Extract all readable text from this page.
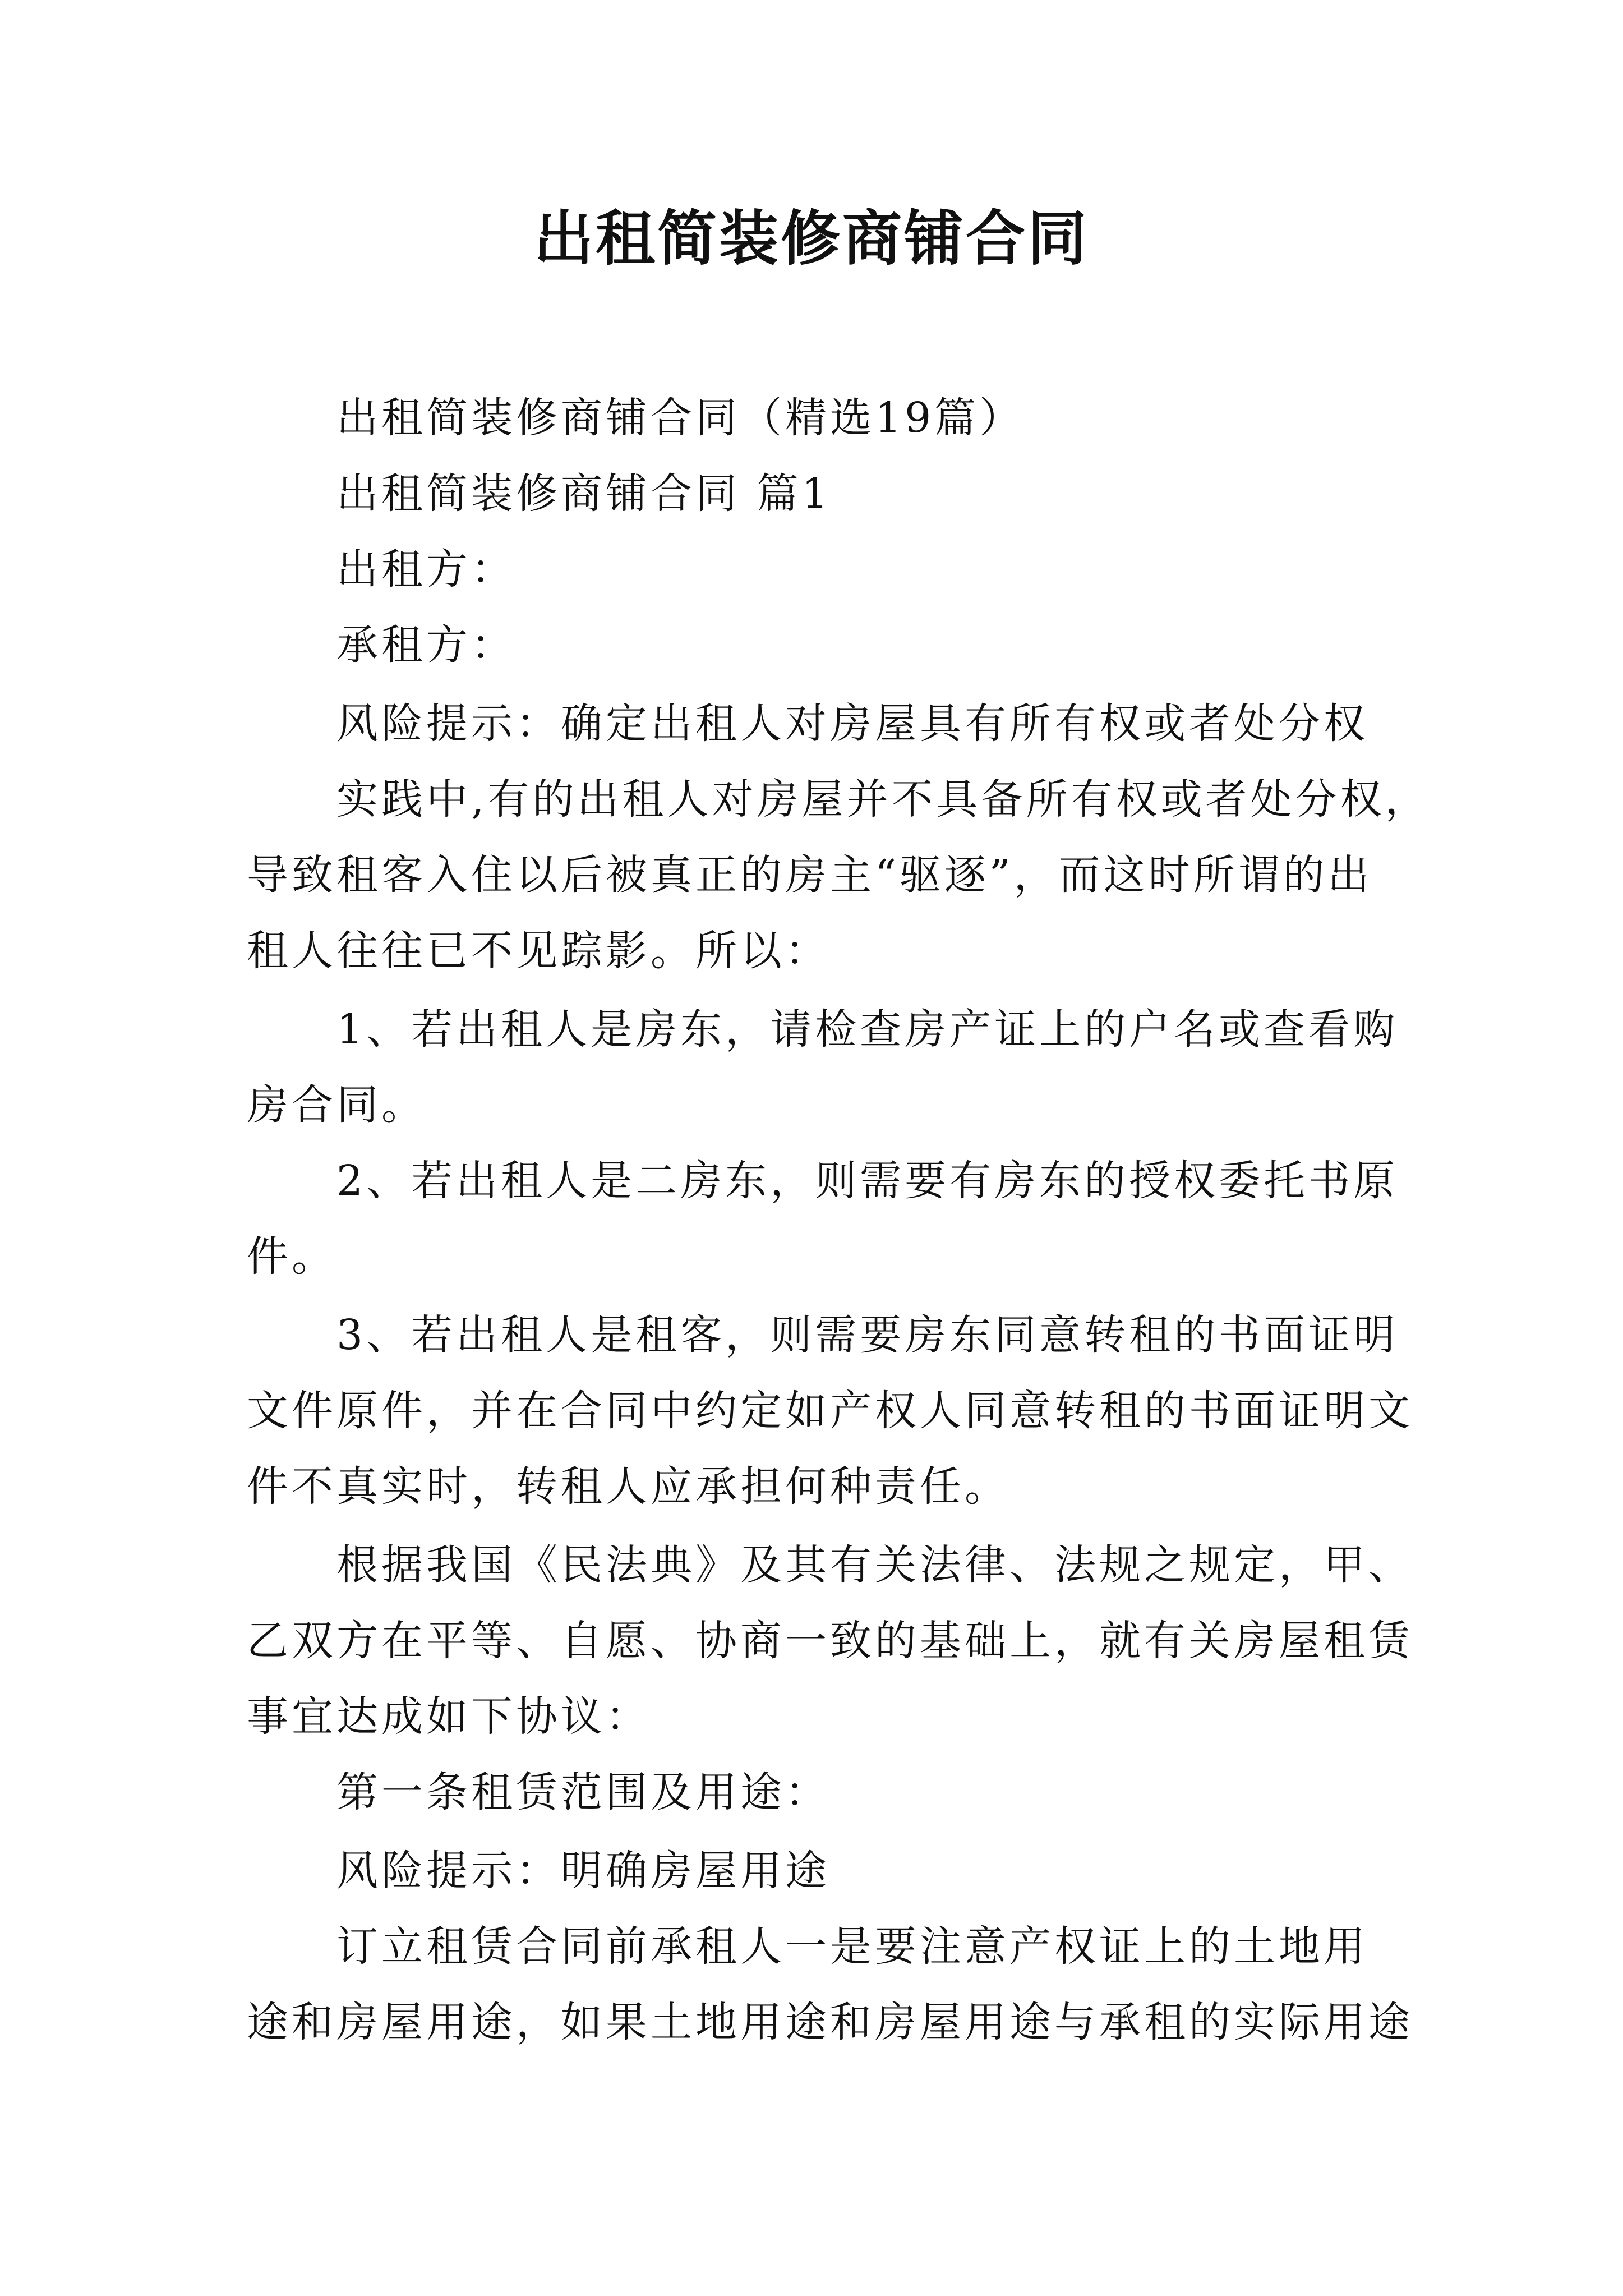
出租简装修商铺合同
出租简装修商铺合同（精选19篇）
出租简装修商铺合同 篇1
出租方：
承租方：
风险提示：确定出租人对房屋具有所有权或者处分权
实践中,有的出租人对房屋并不具备所有权或者处分权，
导致租客入住以后被真正的房主“驱逐”，而这时所谓的出
租人往往已不见踪影。所以：
1、若出租人是房东，请检查房产证上的户名或查看购
房合同。
2、若出租人是二房东，则需要有房东的授权委托书原
件。
3、若出租人是租客，则需要房东同意转租的书面证明
文件原件，并在合同中约定如产权人同意转租的书面证明文
件不真实时，转租人应承担何种责任。
根据我国《民法典》及其有关法律、法规之规定，甲、
乙双方在平等、自愿、协商一致的基础上，就有关房屋租赁
事宜达成如下协议：
第一条租赁范围及用途：
风险提示：明确房屋用途
订立租赁合同前承租人一是要注意产权证上的土地用
途和房屋用途，如果土地用途和房屋用途与承租的实际用途
